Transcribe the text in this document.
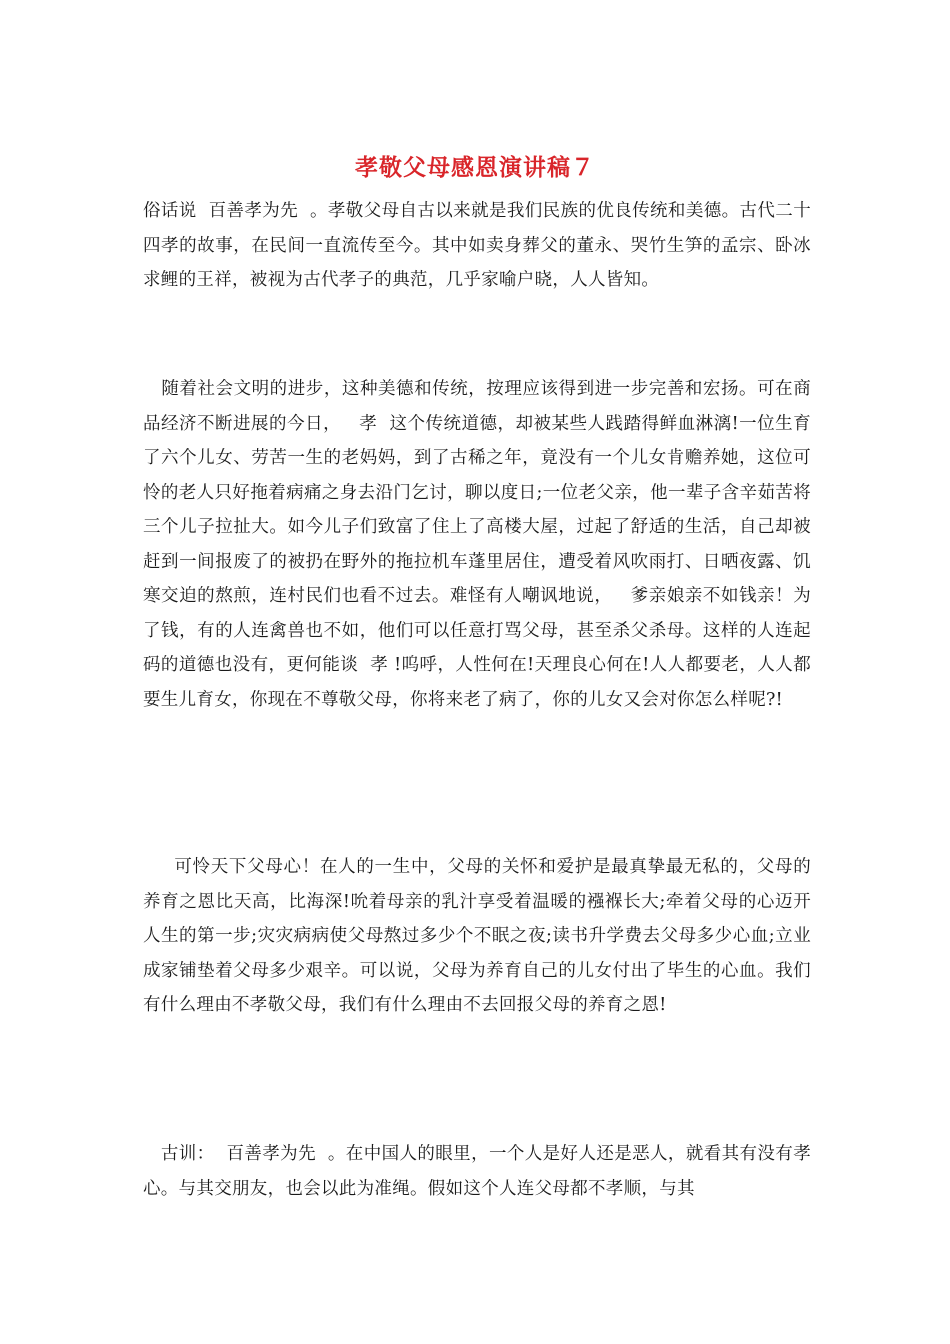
孝敬父母感恩演讲稿７
俗话说  百善孝为先  。孝敬父母自古以来就是我们民族的优良传统和美德。古代二十四孝的故事，在民间一直流传至今。其中如卖身葬父的董永、哭竹生笋的孟宗、卧冰求鲤的王祥，被视为古代孝子的典范，几乎家喻户晓，人人皆知。
随着社会文明的进步，这种美德和传统，按理应该得到进一步完善和宏扬。可在商品经济不断进展的今日，   孝  这个传统道德，却被某些人践踏得鲜血淋漓!一位生育了六个儿女、劳苦一生的老妈妈，到了古稀之年，竟没有一个儿女肯赡养她，这位可怜的老人只好拖着病痛之身去沿门乞讨，聊以度日;一位老父亲，他一辈子含辛茹苦将三个儿子拉扯大。如今儿子们致富了住上了高楼大屋，过起了舒适的生活，自己却被赶到一间报废了的被扔在野外的拖拉机车蓬里居住，遭受着风吹雨打、日晒夜露、饥寒交迫的熬煎，连村民们也看不过去。难怪有人嘲讽地说，   爹亲娘亲不如钱亲！为了钱，有的人连禽兽也不如，他们可以任意打骂父母，甚至杀父杀母。这样的人连起码的道德也没有，更何能谈  孝 !呜呼，人性何在!天理良心何在!人人都要老，人人都要生儿育女，你现在不尊敬父母，你将来老了病了，你的儿女又会对你怎么样呢?!
可怜天下父母心！在人的一生中，父母的关怀和爱护是最真挚最无私的，父母的养育之恩比天高，比海深!吮着母亲的乳汁享受着温暖的襁褓长大;牵着父母的心迈开人生的第一步;灾灾病病使父母熬过多少个不眠之夜;读书升学费去父母多少心血;立业成家铺垫着父母多少艰辛。可以说，父母为养育自己的儿女付出了毕生的心血。我们有什么理由不孝敬父母，我们有什么理由不去回报父母的养育之恩!
古训：  百善孝为先  。在中国人的眼里，一个人是好人还是恶人，就看其有没有孝心。与其交朋友，也会以此为准绳。假如这个人连父母都不孝顺，与其
